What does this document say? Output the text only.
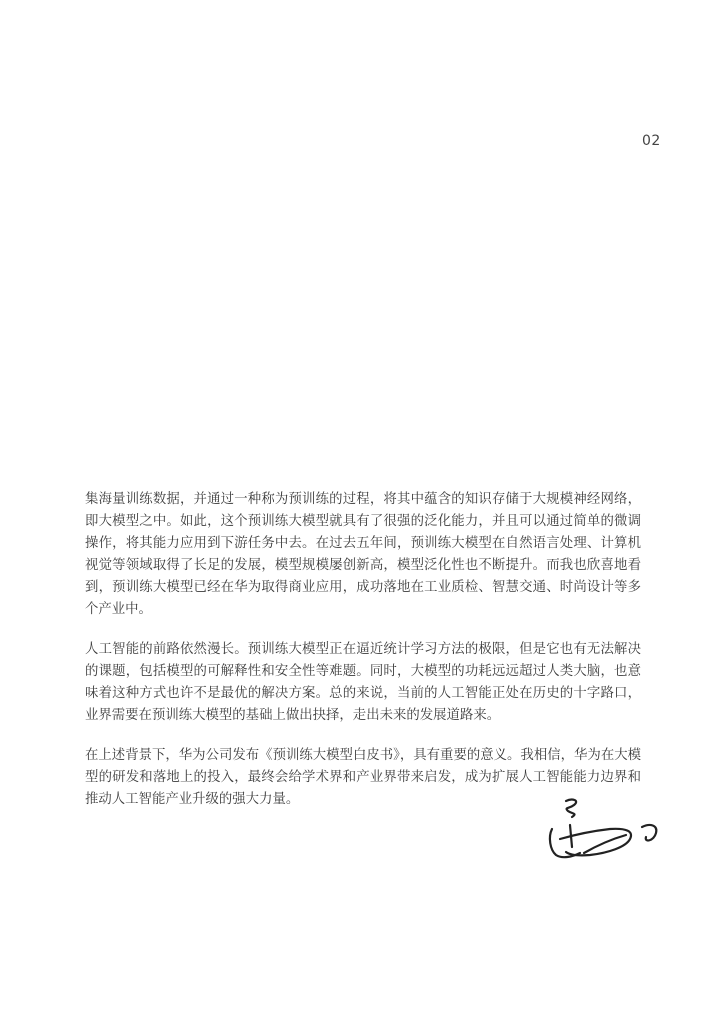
02

集海量训练数据，并通过一种称为预训练的过程，将其中蕴含的知识存储于大规模神经网络，即大模型之中。如此，这个预训练大模型就具有了很强的泛化能力，并且可以通过简单的微调操作，将其能力应用到下游任务中去。在过去五年间，预训练大模型在自然语言处理、计算机视觉等领域取得了长足的发展，模型规模屡创新高，模型泛化性也不断提升。而我也欣喜地看到，预训练大模型已经在华为取得商业应用，成功落地在工业质检、智慧交通、时尚设计等多个产业中。

人工智能的前路依然漫长。预训练大模型正在逼近统计学习方法的极限，但是它也有无法解决的课题，包括模型的可解释性和安全性等难题。同时，大模型的功耗远远超过人类大脑，也意味着这种方式也许不是最优的解决方案。总的来说，当前的人工智能正处在历史的十字路口，业界需要在预训练大模型的基础上做出抉择，走出未来的发展道路来。

在上述背景下，华为公司发布《预训练大模型白皮书》，具有重要的意义。我相信，华为在大模型的研发和落地上的投入，最终会给学术界和产业界带来启发，成为扩展人工智能能力边界和推动人工智能产业升级的强大力量。
